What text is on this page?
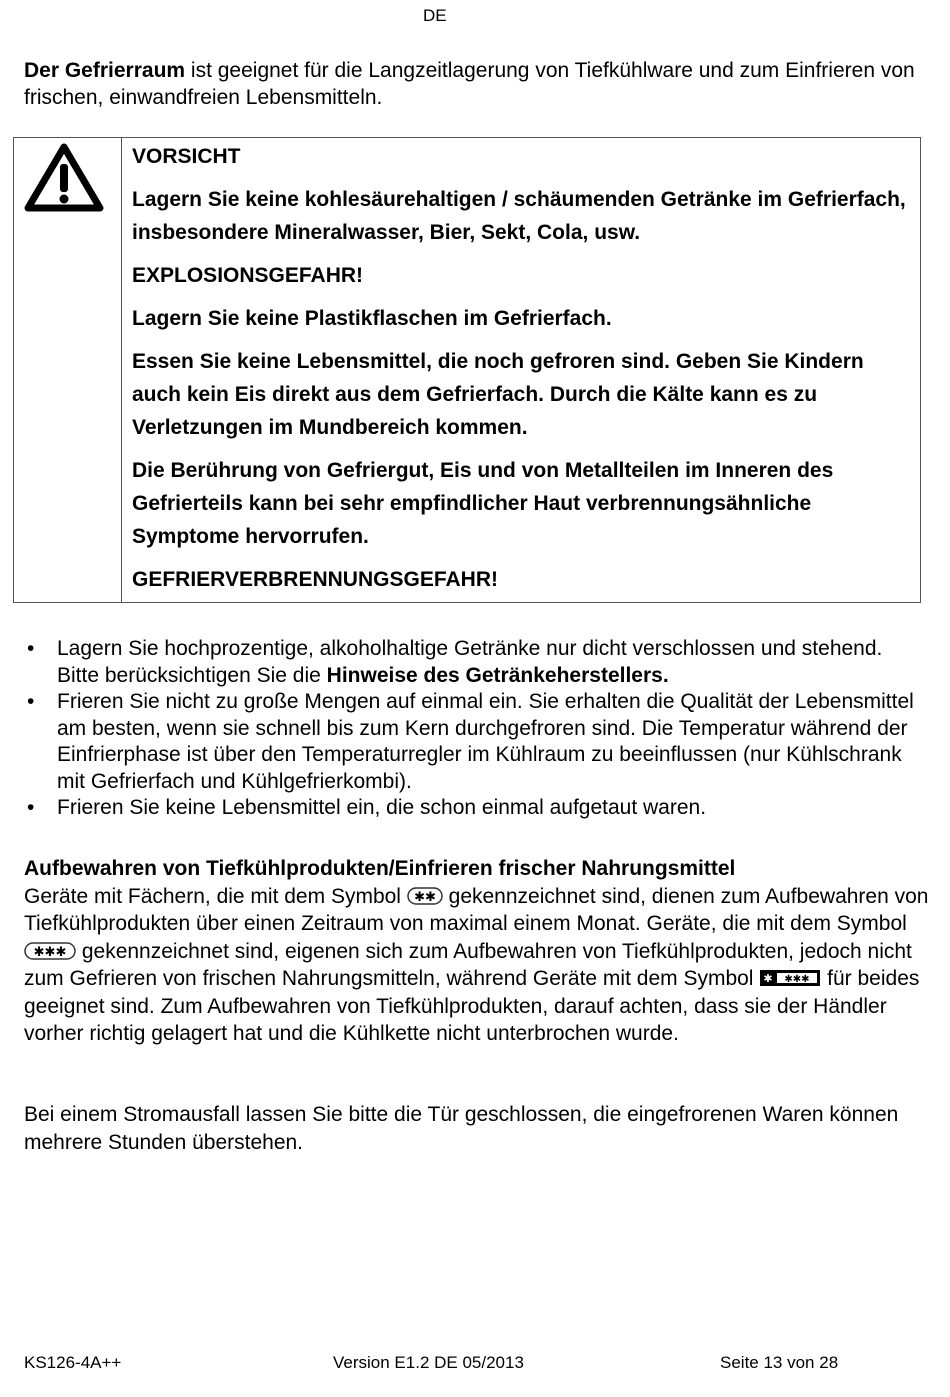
DE
Der Gefrierraum ist geeignet für die Langzeitlagerung von Tiefkühlware und zum Einfrieren von frischen, einwandfreien Lebensmitteln.

VORSICHT

Lagern Sie keine kohlesäurehaltigen / schäumenden Getränke im Gefrierfach, insbesondere Mineralwasser, Bier, Sekt, Cola, usw.

EXPLOSIONSGEFAHR!

Lagern Sie keine Plastikflaschen im Gefrierfach.

Essen Sie keine Lebensmittel, die noch gefroren sind. Geben Sie Kindern auch kein Eis direkt aus dem Gefrierfach. Durch die Kälte kann es zu Verletzungen im Mundbereich kommen.

Die Berührung von Gefriergut, Eis und von Metallteilen im Inneren des Gefrierteils kann bei sehr empfindlicher Haut verbrennungsähnliche Symptome hervorrufen.

GEFRIERVERBRENNUNGSGEFAHR!

• Lagern Sie hochprozentige, alkoholhaltige Getränke nur dicht verschlossen und stehend. Bitte berücksichtigen Sie die Hinweise des Getränkeherstellers.
• Frieren Sie nicht zu große Mengen auf einmal ein. Sie erhalten die Qualität der Lebensmittel am besten, wenn sie schnell bis zum Kern durchgefroren sind. Die Temperatur während der Einfrierphase ist über den Temperaturregler im Kühlraum zu beeinflussen (nur Kühlschrank mit Gefrierfach und Kühlgefrierkombi).
• Frieren Sie keine Lebensmittel ein, die schon einmal aufgetaut waren.
Aufbewahren von Tiefkühlprodukten/Einfrieren frischer Nahrungsmittel
Geräte mit Fächern, die mit dem Symbol ✱✱ gekennzeichnet sind, dienen zum Aufbewahren von Tiefkühlprodukten über einen Zeitraum von maximal einem Monat. Geräte, die mit dem Symbol
✱✱✱ gekennzeichnet sind, eigenen sich zum Aufbewahren von Tiefkühlprodukten, jedoch nicht zum Gefrieren von frischen Nahrungsmitteln, während Geräte mit dem Symbol ✱ ✱✱✱ für beides geeignet sind. Zum Aufbewahren von Tiefkühlprodukten, darauf achten, dass sie der Händler vorher richtig gelagert hat und die Kühlkette nicht unterbrochen wurde.
Bei einem Stromausfall lassen Sie bitte die Tür geschlossen, die eingefrorenen Waren können mehrere Stunden überstehen.
KS126-4A++	Version E1.2 DE 05/2013	Seite 13 von 28
